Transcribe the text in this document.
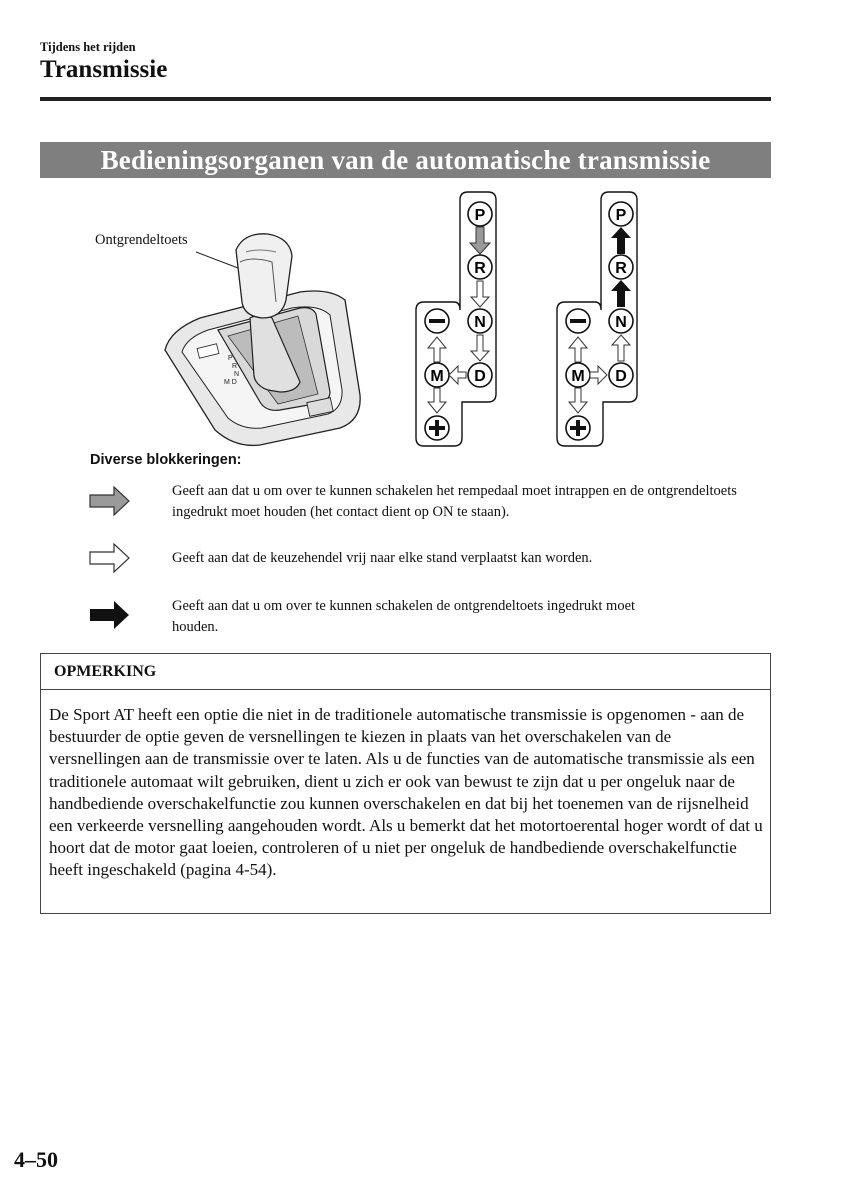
Tijdens het rijden
Transmissie
Bedieningsorganen van de automatische transmissie
P
R
N
M D
P
R
N
D
M
P
R
N
D
M
Ontgrendeltoets
Diverse blokkeringen:
Geeft aan dat u om over te kunnen schakelen het rempedaal moet intrappen en de ontgrendeltoets ingedrukt moet houden (het contact dient op ON te staan).
Geeft aan dat de keuzehendel vrij naar elke stand verplaatst kan worden.
Geeft aan dat u om over te kunnen schakelen de ontgrendeltoets ingedrukt moet houden.
OPMERKING
De Sport AT heeft een optie die niet in de traditionele automatische transmissie is opgenomen - aan de bestuurder de optie geven de versnellingen te kiezen in plaats van het overschakelen van de versnellingen aan de transmissie over te laten. Als u de functies van de automatische transmissie als een traditionele automaat wilt gebruiken, dient u zich er ook van bewust te zijn dat u per ongeluk naar de handbediende overschakelfunctie zou kunnen overschakelen en dat bij het toenemen van de rijsnelheid een verkeerde versnelling aangehouden wordt. Als u bemerkt dat het motortoerental hoger wordt of dat u hoort dat de motor gaat loeien, controleren of u niet per ongeluk de handbediende overschakelfunctie heeft ingeschakeld (pagina 4-54).
4–50
